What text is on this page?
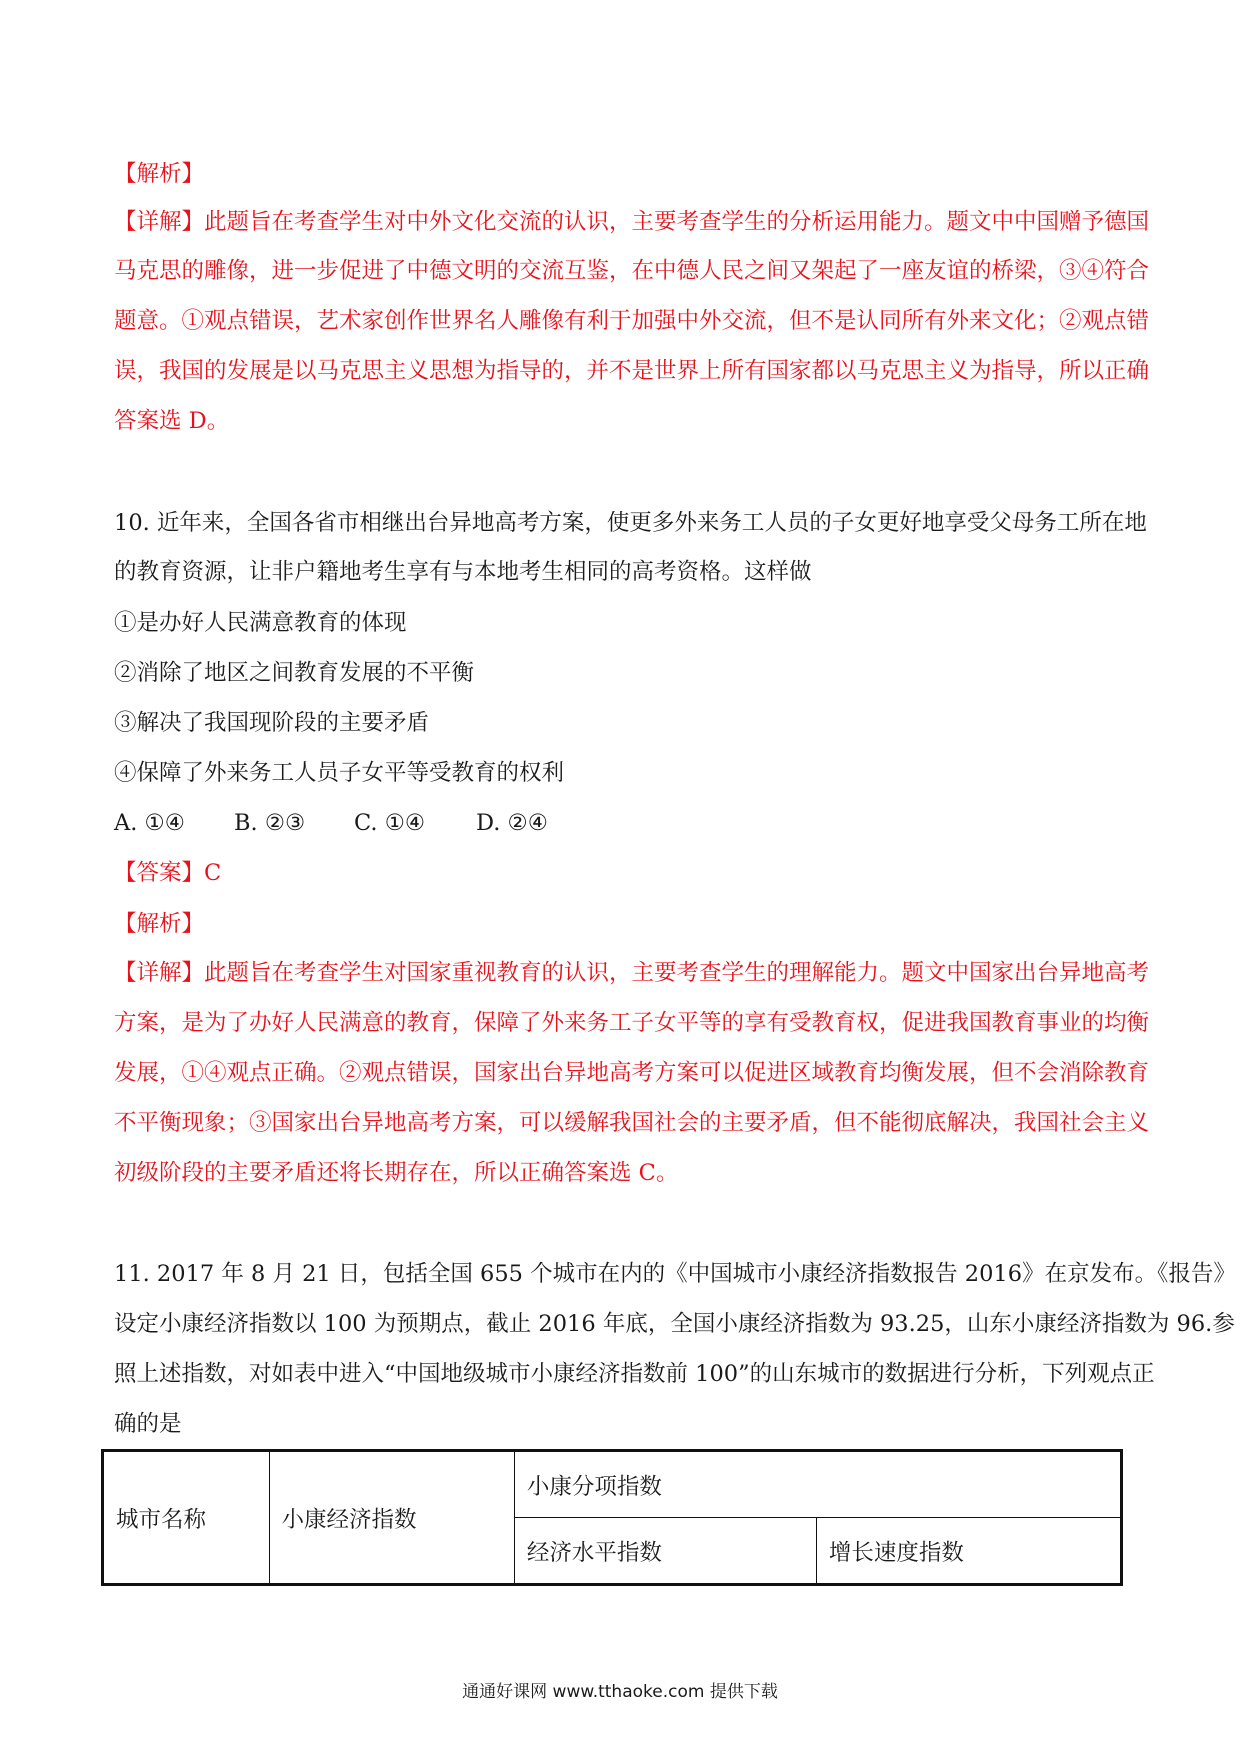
【解析】
【详解】此题旨在考查学生对中外文化交流的认识，主要考查学生的分析运用能力。题文中中国赠予德国
马克思的雕像，进一步促进了中德文明的交流互鉴，在中德人民之间又架起了一座友谊的桥梁，③④符合
题意。①观点错误，艺术家创作世界名人雕像有利于加强中外交流，但不是认同所有外来文化；②观点错
误，我国的发展是以马克思主义思想为指导的，并不是世界上所有国家都以马克思主义为指导，所以正确
答案选 D。
10. 近年来，全国各省市相继出台异地高考方案，使更多外来务工人员的子女更好地享受父母务工所在地
的教育资源，让非户籍地考生享有与本地考生相同的高考资格。这样做
①是办好人民满意教育的体现
②消除了地区之间教育发展的不平衡
③解决了我国现阶段的主要矛盾
④保障了外来务工人员子女平等受教育的权利
A. ①④ B. ②③ C. ①④ D. ②④
【答案】C
【解析】
【详解】此题旨在考查学生对国家重视教育的认识，主要考查学生的理解能力。题文中国家出台异地高考
方案，是为了办好人民满意的教育，保障了外来务工子女平等的享有受教育权，促进我国教育事业的均衡
发展，①④观点正确。②观点错误，国家出台异地高考方案可以促进区域教育均衡发展，但不会消除教育
不平衡现象；③国家出台异地高考方案，可以缓解我国社会的主要矛盾，但不能彻底解决，我国社会主义
初级阶段的主要矛盾还将长期存在，所以正确答案选 C。
11. 2017 年 8 月 21 日，包括全国 655 个城市在内的《中国城市小康经济指数报告 2016》在京发布。《报告》
设定小康经济指数以 100 为预期点，截止 2016 年底，全国小康经济指数为 93.25，山东小康经济指数为 96.参
照上述指数，对如表中进入“中国地级城市小康经济指数前 100”的山东城市的数据进行分析，下列观点正
确的是
城市名称	小康经济指数	小康分项指数	
		经济水平指数	增长速度指数
通通好课网 www.tthaoke.com 提供下载
